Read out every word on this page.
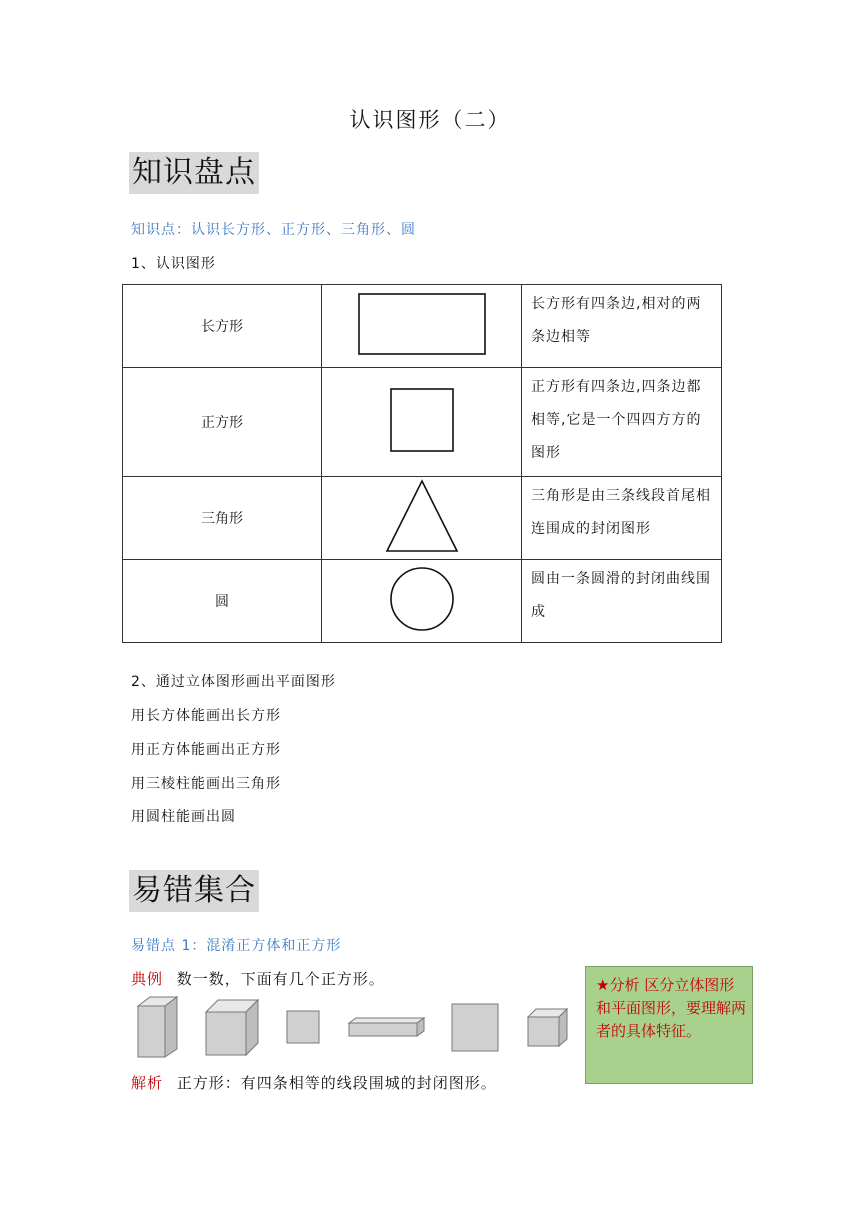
认识图形（二）
知识盘点
知识点：认识长方形、正方形、三角形、圆
1、认识图形
长方形		长方形有四条边,相对的两条边相等
正方形		正方形有四条边,四条边都相等,它是一个四四方方的图形
三角形		三角形是由三条线段首尾相连围成的封闭图形
圆		圆由一条圆滑的封闭曲线围成
2、通过立体图形画出平面图形
用长方体能画出长方形
用正方体能画出正方形
用三棱柱能画出三角形
用圆柱能画出圆
易错集合
易错点 1：混淆正方体和正方形
典例 数一数，下面有几个正方形。
解析 正方形：有四条相等的线段围城的封闭图形。
★分析 区分立体图形和平面图形，要理解两者的具体特征。
